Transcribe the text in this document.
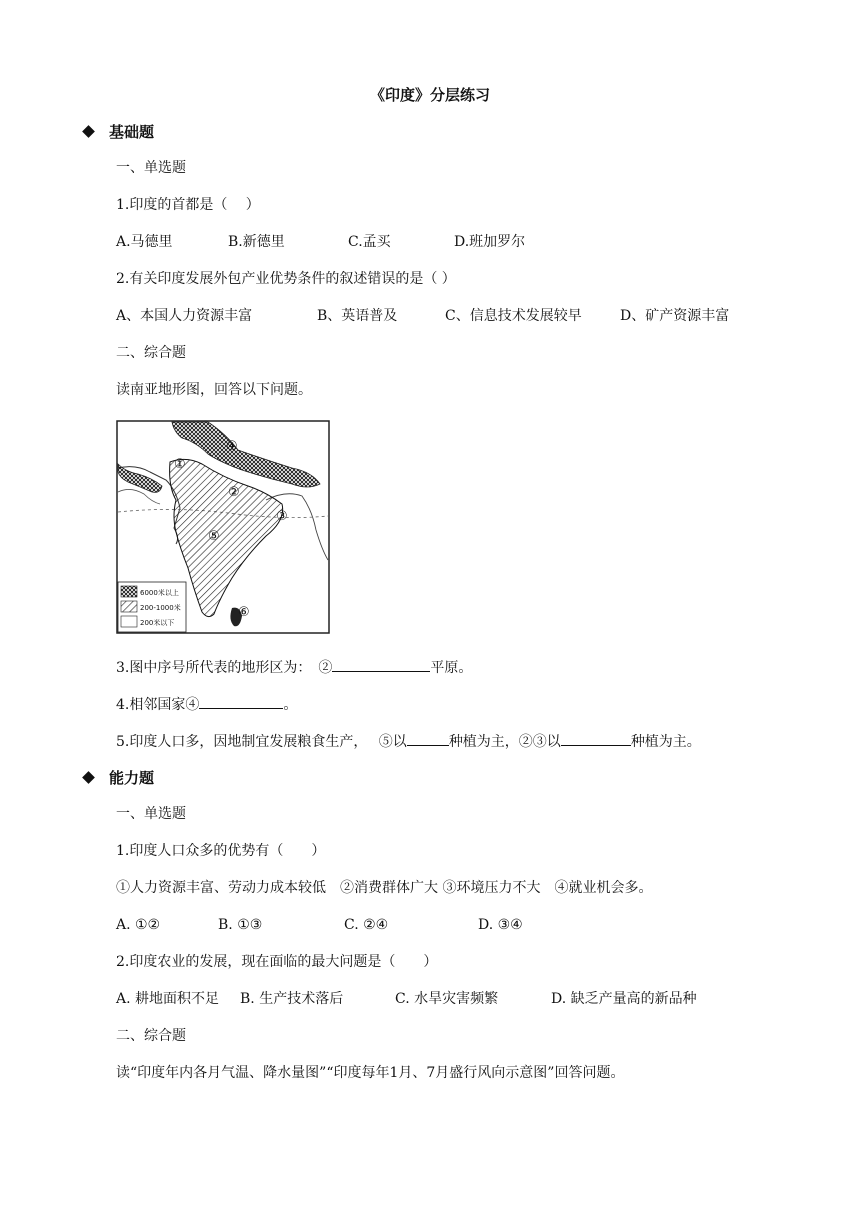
《印度》分层练习
基础题
一、单选题
1.印度的首都是（　 ）
A.马德里	B.新德里	C.孟买	D.班加罗尔
2.有关印度发展外包产业优势条件的叙述错误的是（ ）
A、本国人力资源丰富	B、英语普及	C、信息技术发展较早	D、矿产资源丰富
二、综合题
读南亚地形图，回答以下问题。
①
②
③
④
⑤
⑥
6000米以上
200-1000米
200米以下
3.图中序号所代表的地形区为：　②	平原。
4.相邻国家④	。
5.印度人口多，因地制宜发展粮食生产，　 ⑤以	种植为主，②③以	种植为主。
能力题
一、单选题
1.印度人口众多的优势有（　　）
①人力资源丰富、劳动力成本较低　②消费群体广大 ③环境压力不大　④就业机会多。
A. ①②	B. ①③	C. ②④	D. ③④
2.印度农业的发展，现在面临的最大问题是（　　）
A. 耕地面积不足 B. 生产技术落后	C. 水旱灾害频繁	D. 缺乏产量高的新品种
二、综合题
读“印度年内各月气温、降水量图”“印度每年1月、7月盛行风向示意图”回答问题。
